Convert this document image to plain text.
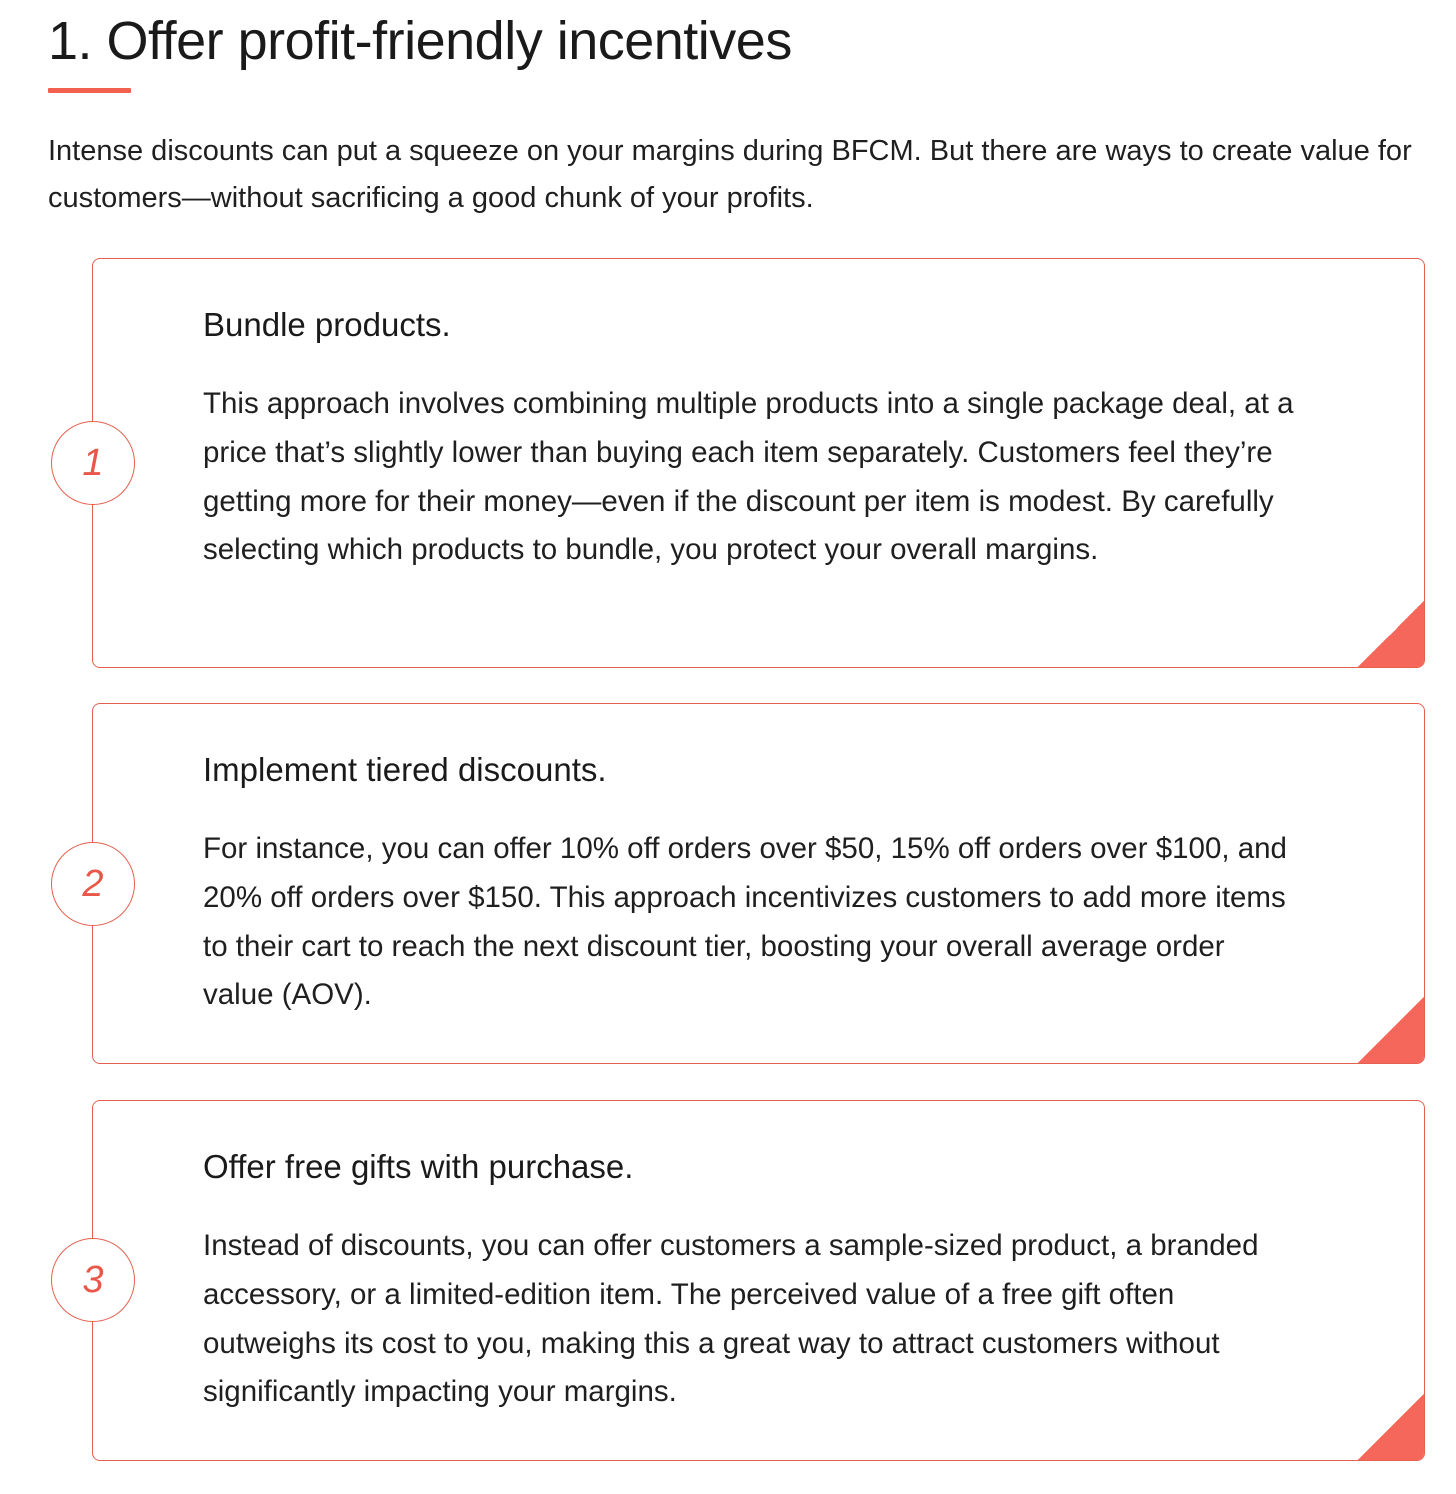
1. Offer profit-friendly incentives

Intense discounts can put a squeeze on your margins during BFCM. But there are ways to create value for customers—without sacrificing a good chunk of your profits.

Bundle products.

This approach involves combining multiple products into a single package deal, at a price that’s slightly lower than buying each item separately. Customers feel they’re getting more for their money—even if the discount per item is modest. By carefully selecting which products to bundle, you protect your overall margins.

1
Implement tiered discounts.

For instance, you can offer 10% off orders over $50, 15% off orders over $100, and 20% off orders over $150. This approach incentivizes customers to add more items to their cart to reach the next discount tier, boosting your overall average order value (AOV).

2
Offer free gifts with purchase.

Instead of discounts, you can offer customers a sample-sized product, a branded accessory, or a limited-edition item. The perceived value of a free gift often outweighs its cost to you, making this a great way to attract customers without significantly impacting your margins.

3
